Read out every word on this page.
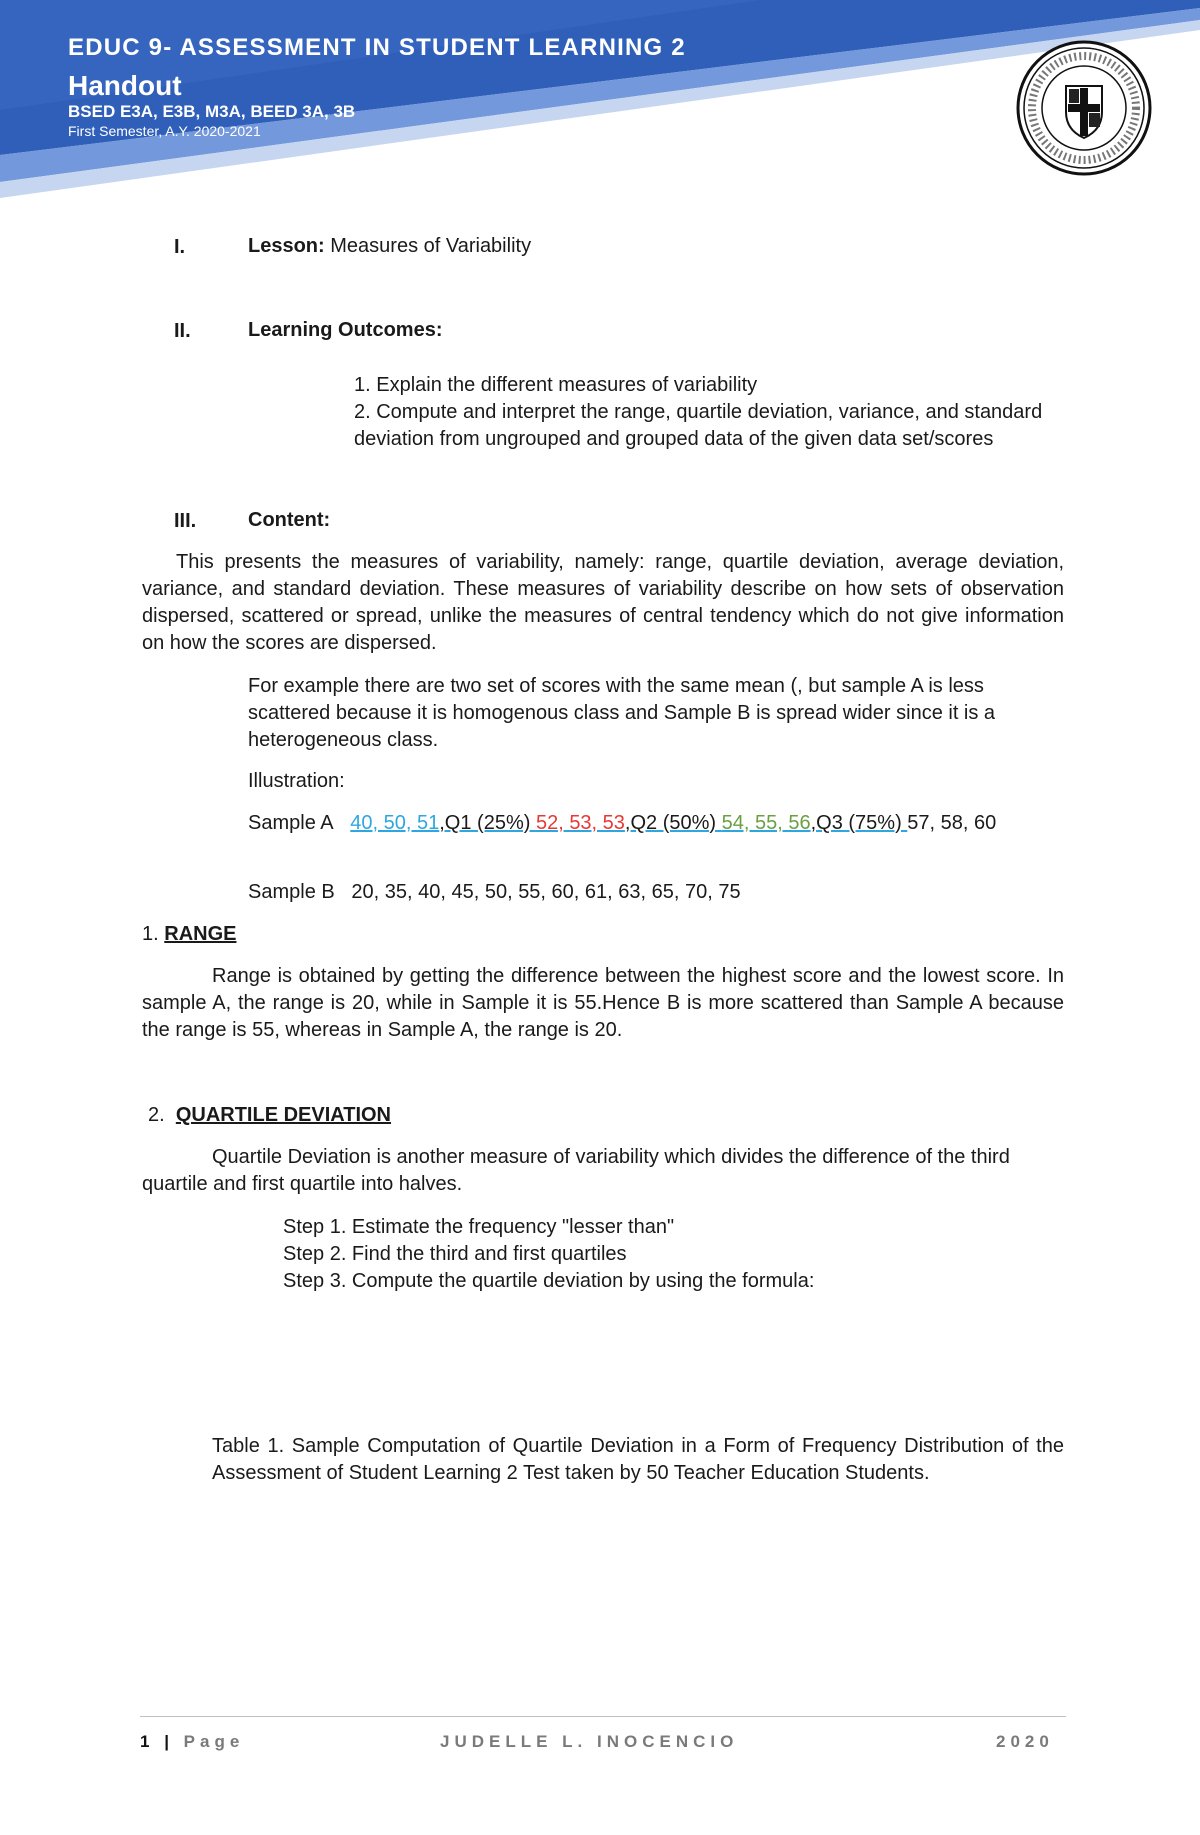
EDUC 9- ASSESSMENT IN STUDENT LEARNING 2
Handout
BSED E3A, E3B, M3A, BEED 3A, 3B
First Semester, A.Y. 2020-2021
I.	Lesson: Measures of Variability
II.	Learning Outcomes:
1. Explain the different measures of variability
2. Compute and interpret the range, quartile deviation, variance, and standard deviation from ungrouped and grouped data of the given data set/scores
III.	Content:
This presents the measures of variability, namely: range, quartile deviation, average deviation, variance, and standard deviation. These measures of variability describe on how sets of observation dispersed, scattered or spread, unlike the measures of central tendency which do not give information on how the scores are dispersed.
For example there are two set of scores with the same mean (, but sample A is less scattered because it is homogenous class and Sample B is spread wider since it is a heterogeneous class.
Illustration:
Sample A 40, 50, 51,Q1 (25%) 52, 53, 53,Q2 (50%) 54, 55, 56,Q3 (75%) 57, 58, 60
Sample B 20, 35, 40, 45, 50, 55, 60, 61, 63, 65, 70, 75
1. RANGE
Range is obtained by getting the difference between the highest score and the lowest score. In sample A, the range is 20, while in Sample it is 55.Hence B is more scattered than Sample A because the range is 55, whereas in Sample A, the range is 20.
2. QUARTILE DEVIATION
Quartile Deviation is another measure of variability which divides the difference of the third quartile and first quartile into halves.
Step 1. Estimate the frequency "lesser than"
Step 2. Find the third and first quartiles
Step 3. Compute the quartile deviation by using the formula:
Table 1. Sample Computation of Quartile Deviation in a Form of Frequency Distribution of the Assessment of Student Learning 2 Test taken by 50 Teacher Education Students.
1 | Page	JUDELLE L. INOCENCIO	2020
